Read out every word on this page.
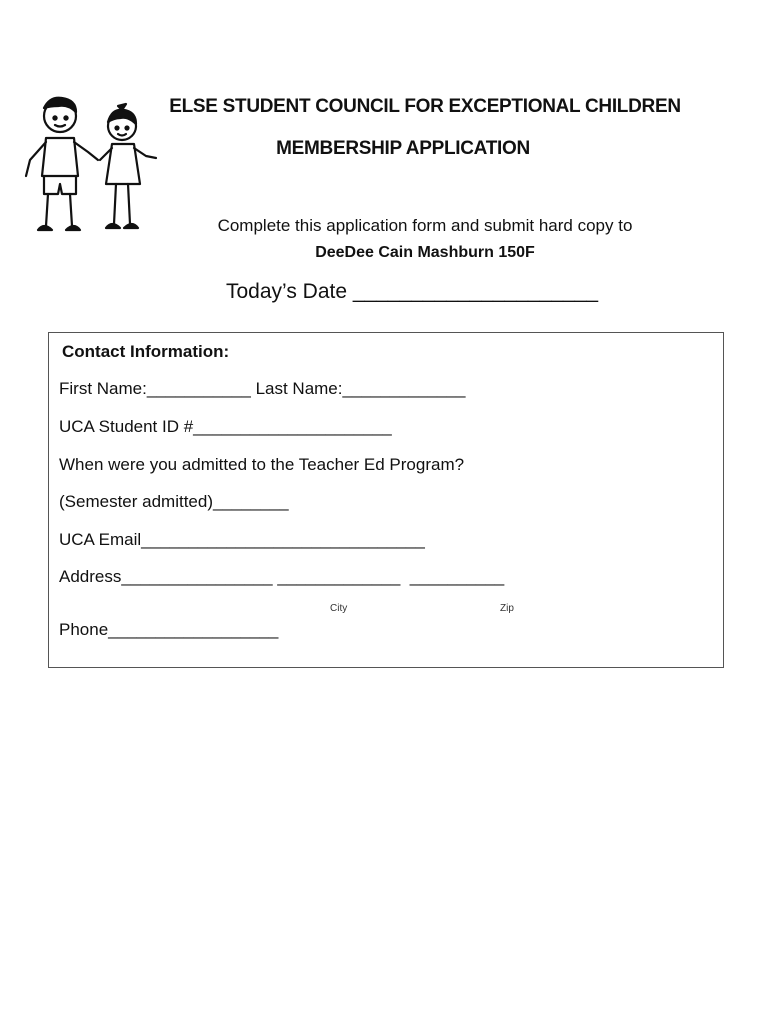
ELSE STUDENT COUNCIL FOR EXCEPTIONAL CHILDREN
MEMBERSHIP APPLICATION
Complete this application form and submit hard copy to
DeeDee Cain Mashburn 150F
Today’s Date _____________________
Contact Information:
First Name:___________ Last Name:_____________
UCA Student ID #_____________________
When were you admitted to the Teacher Ed Program?
(Semester admitted)________
UCA Email______________________________
Address________________ _____________  __________
City	Zip
Phone__________________
